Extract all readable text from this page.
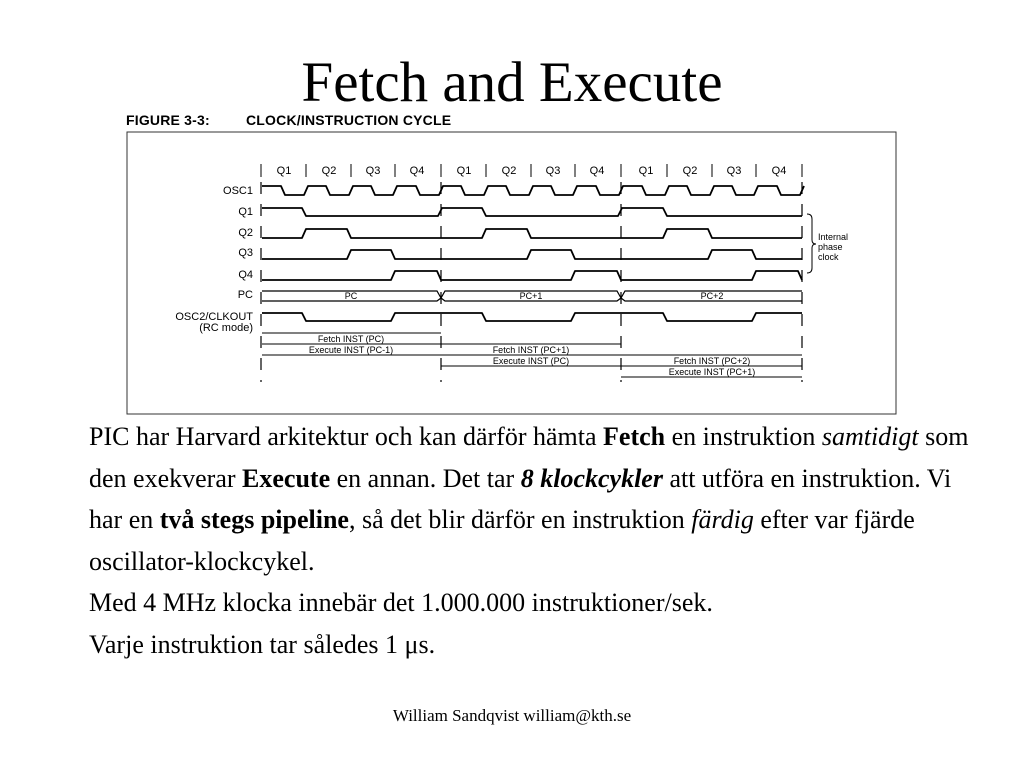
Fetch and Execute
FIGURE 3-3:	CLOCK/INSTRUCTION CYCLE
Q1	Q2	Q3	Q4	Q1	Q2	Q3	Q4	Q1	Q2	Q3	Q4
OSC1
Q1
Q2
Q3
Q4
PC
OSC2/CLKOUT
(RC mode)
PC	PC+1	PC+2
Fetch INST (PC)
Execute INST (PC-1)	Fetch INST (PC+1)
Execute INST (PC)	Fetch INST (PC+2)
Execute INST (PC+1)
Internal
phase
clock

PIC har Harvard arkitektur och kan därför hämta Fetch en instruktion samtidigt som den exekverar Execute en annan. Det tar 8 klockcykler att utföra en instruktion. Vi har en två stegs pipeline, så det blir därför en instruktion färdig efter var fjärde oscillator-klockcykel.

Med 4 MHz klocka innebär det 1.000.000 instruktioner/sek.

Varje instruktion tar således 1 μs.

William Sandqvist william@kth.se
